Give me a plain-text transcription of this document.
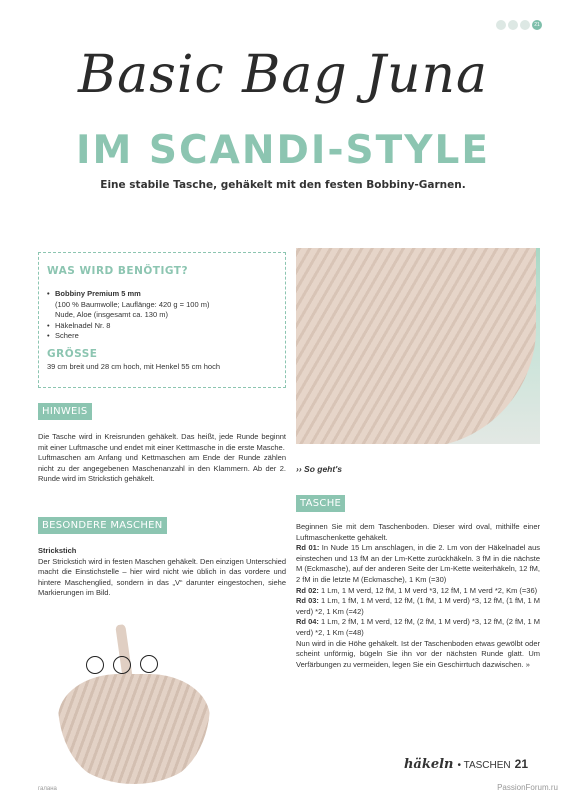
21
Basic Bag Juna
IM SCANDI-STYLE
Eine stabile Tasche, gehäkelt mit den festen Bobbiny-Garnen.
WAS WIRD BENÖTIGT?
• Bobbiny Premium 5 mm
(100 % Baumwolle; Lauflänge: 420 g = 100 m)
Nude, Aloe (insgesamt ca. 130 m)
• Häkelnadel Nr. 8
• Schere
GRÖSSE

39 cm breit und 28 cm hoch, mit Henkel 55 cm hoch

HINWEIS
Die Tasche wird in Kreisrunden gehäkelt. Das heißt, jede Runde beginnt mit einer Luftmasche und endet mit einer Kettmasche in die erste Masche.
Luftmaschen am Anfang und Kettmaschen am Ende der Runde zählen nicht zu der angegebenen Maschenanzahl in den Klammern. Ab der 2. Runde wird im Strickstich gehäkelt.
BESONDERE MASCHEN
Strickstich
Der Strickstich wird in festen Maschen gehäkelt. Den einzigen Unterschied macht die Einstichstelle – hier wird nicht wie üblich in das vordere und hintere Maschenglied, sondern in das „V“ darunter eingestochen, siehe Markierungen im Bild.
›› So geht's
TASCHE
Beginnen Sie mit dem Taschenboden. Dieser wird oval, mithilfe einer Luftmaschenkette gehäkelt.
Rd 01: In Nude 15 Lm anschlagen, in die 2. Lm von der Häkelnadel aus einstechen und 13 fM an der Lm-Kette zurückhäkeln. 3 fM in die nächste M (Eckmasche), auf der anderen Seite der Lm-Kette weiterhäkeln, 12 fM, 2 fM in die letzte M (Eckmasche), 1 Km (=30)
Rd 02: 1 Lm, 1 M verd, 12 fM, 1 M verd *3, 12 fM, 1 M verd *2, Km (=36)
Rd 03: 1 Lm, 1 fM, 1 M verd, 12 fM, (1 fM, 1 M verd) *3, 12 fM, (1 fM, 1 M verd) *2, 1 Km (=42)
Rd 04: 1 Lm, 2 fM, 1 M verd, 12 fM, (2 fM, 1 M verd) *3, 12 fM, (2 fM, 1 M verd) *2, 1 Km (=48)
Nun wird in die Höhe gehäkelt. Ist der Taschenboden etwas gewölbt oder scheint unförmig, bügeln Sie ihn vor der nächsten Runde glatt. Um Verfärbungen zu vermeiden, legen Sie ein Geschirrtuch dazwischen. »
häkeln • TASCHEN 21
галана	PassionForum.ru
